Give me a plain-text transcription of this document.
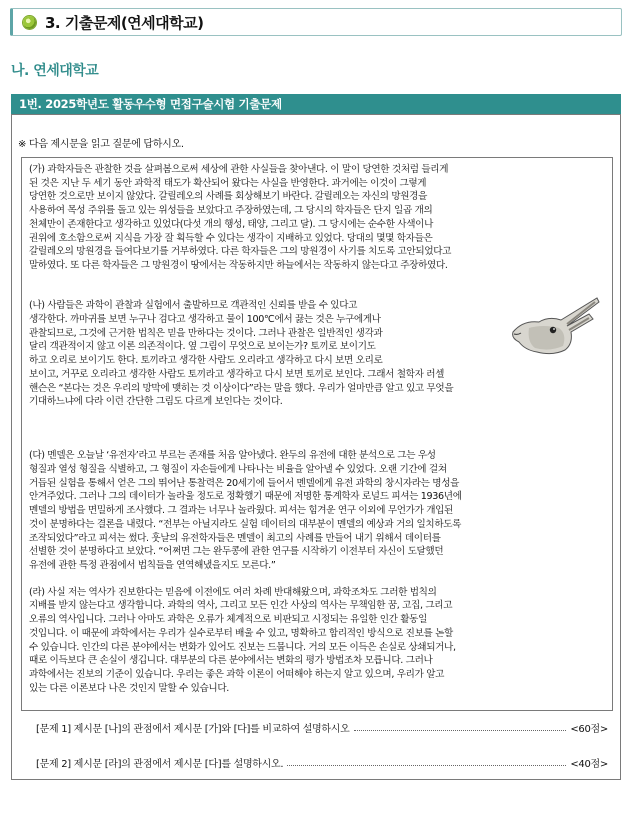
3. 기출문제(연세대학교)
나. 연세대학교
1번. 2025학년도 활동우수형 면접구술시험 기출문제
※ 다음 제시문을 읽고 질문에 답하시오.

(가) 과학자들은 관찰한 것을 살펴봄으로써 세상에 관한 사실들을 찾아낸다. 이 말이 당연한 것처럼 들리게
된 것은 지난 두 세기 동안 과학적 태도가 확산되어 왔다는 사실을 반영한다. 과거에는 이것이 그렇게
당연한 것으로만 보이지 않았다. 갈릴레오의 사례를 회상해보기 바란다. 갈릴레오는 자신의 망원경을
사용하여 목성 주위를 돌고 있는 위성들을 보았다고 주장하였는데, 그 당시의 학자들은 단지 일곱 개의
천체만이 존재한다고 생각하고 있었다(다섯 개의 행성, 태양, 그리고 달). 그 당시에는 순수한 사색이나
권위에 호소함으로써 지식을 가장 잘 획득할 수 있다는 생각이 지배하고 있었다. 당대의 몇몇 학자들은
갈릴레오의 망원경을 들여다보기를 거부하였다. 다른 학자들은 그의 망원경이 사기를 치도록 고안되었다고
말하였다. 또 다른 학자들은 그 망원경이 땅에서는 작동하지만 하늘에서는 작동하지 않는다고 주장하였다.

(나) 사람들은 과학이 관찰과 실험에서 출발하므로 객관적인 신뢰를 받을 수 있다고
생각한다. 까마귀를 보면 누구나 검다고 생각하고 물이 100℃에서 끓는 것은 누구에게나
관찰되므로, 그것에 근거한 법칙은 믿을 만하다는 것이다. 그러나 관찰은 일반적인 생각과
달리 객관적이지 않고 이론 의존적이다. 옆 그림이 무엇으로 보이는가? 토끼로 보이기도
하고 오리로 보이기도 한다. 토끼라고 생각한 사람도 오리라고 생각하고 다시 보면 오리로
보이고, 거꾸로 오리라고 생각한 사람도 토끼라고 생각하고 다시 보면 토끼로 보인다. 그래서 철학자 러셀
핸슨은 “본다는 것은 우리의 망막에 맺히는 것 이상이다”라는 말을 했다. 우리가 얼마만큼 알고 있고 무엇을
기대하느냐에 다라 이런 간단한 그림도 다르게 보인다는 것이다.

(다) 멘델은 오늘날 ‘유전자’라고 부르는 존재를 처음 알아냈다. 완두의 유전에 대한 분석으로 그는 우성
형질과 열성 형질을 식별하고, 그 형질이 자손들에게 나타나는 비율을 알아낼 수 있었다. 오랜 기간에 걸쳐
거듭된 실험을 통해서 얻은 그의 뛰어난 통찰력은 20세기에 들어서 멘델에게 유전 과학의 창시자라는 명성을
안겨주었다. 그러나 그의 데이터가 놀라울 정도로 정확했기 때문에 저명한 통계학자 로널드 피셔는 1936년에
멘델의 방법을 면밀하게 조사했다. 그 결과는 너무나 놀라웠다. 피셔는 힘겨운 연구 이외에 무언가가 개입된
것이 분명하다는 결론을 내렸다. “전부는 아닐지라도 실험 데이터의 대부분이 멘델의 예상과 거의 일치하도록
조작되었다”라고 피셔는 썼다. 훗날의 유전학자들은 멘델이 최고의 사례를 만들어 내기 위해서 데이터를
선별한 것이 분명하다고 보았다. “어쩌면 그는 완두콩에 관한 연구를 시작하기 이전부터 자신이 도달했던
유전에 관한 특정 관점에서 법칙들을 연역해냈을지도 모른다.”

(라) 사실 저는 역사가 진보한다는 믿음에 이전에도 여러 차례 반대해왔으며, 과학조차도 그러한 법칙의
지배를 받지 않는다고 생각합니다. 과학의 역사, 그리고 모든 인간 사상의 역사는 무책임한 꿈, 고집, 그리고
오류의 역사입니다. 그러나 아마도 과학은 오류가 체계적으로 비판되고 시정되는 유일한 인간 활동일
것입니다. 이 때문에 과학에서는 우리가 실수로부터 배울 수 있고, 명확하고 합리적인 방식으로 진보를 논할
수 있습니다. 인간의 다른 분야에서는 변화가 있어도 진보는 드뭅니다. 거의 모든 이득은 손실로 상쇄되거나,
때로 이득보다 큰 손실이 생깁니다. 대부분의 다른 분야에서는 변화의 평가 방법조차 모릅니다. 그러나
과학에서는 진보의 기준이 있습니다. 우리는 좋은 과학 이론이 어떠해야 하는지 알고 있으며, 우리가 알고
있는 다른 이론보다 나은 것인지 말할 수 있습니다.

[문제 1] 제시문 [나]의 관점에서 제시문 [가]와 [다]를 비교하여 설명하시오	<60점>
[문제 2] 제시문 [라]의 관점에서 제시문 [다]를 설명하시오.	<40점>
